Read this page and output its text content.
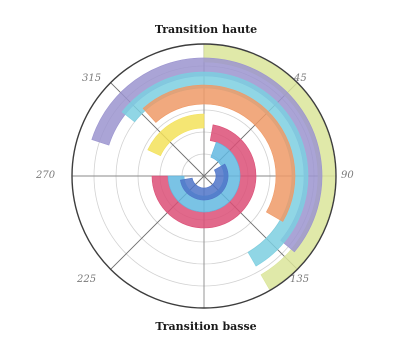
Transition haute
Transition basse
45
90
135
225
270
315
